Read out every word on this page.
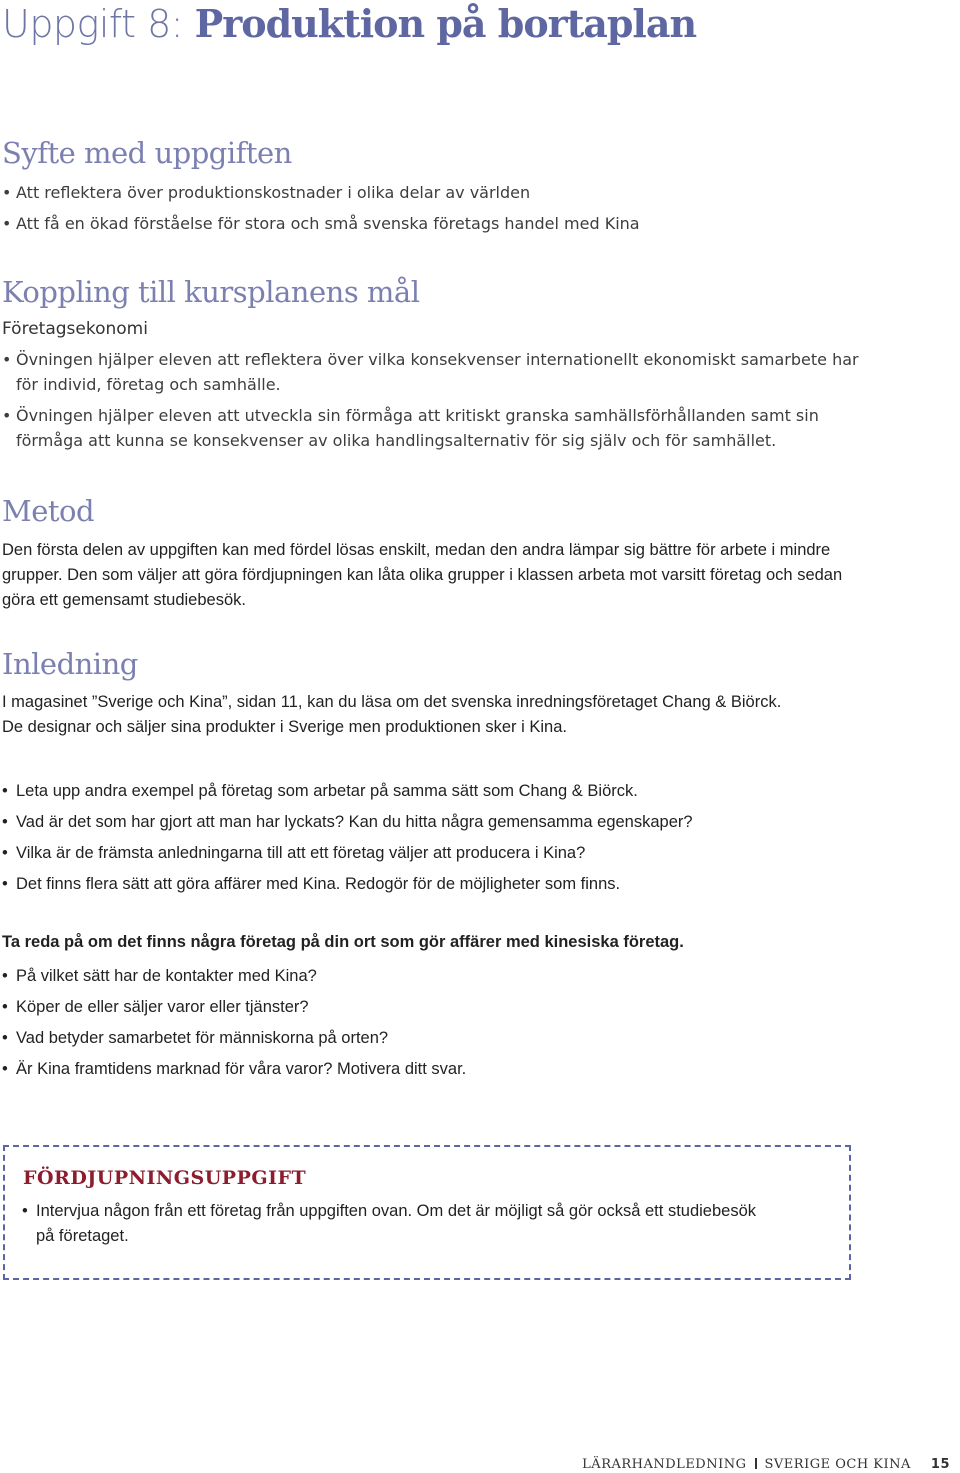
Uppgift 8: Produktion på bortaplan
Syfte med uppgiften
• Att reflektera över produktionskostnader i olika delar av världen
• Att få en ökad förståelse för stora och små svenska företags handel med Kina
Koppling till kursplanens mål
Företagsekonomi
• Övningen hjälper eleven att reflektera över vilka konsekvenser internationellt ekonomiskt samarbete har för individ, företag och samhälle.
• Övningen hjälper eleven att utveckla sin förmåga att kritiskt granska samhällsförhållanden samt sin förmåga att kunna se konsekvenser av olika handlingsalternativ för sig själv och för samhället.
Metod

Den första delen av uppgiften kan med fördel lösas enskilt, medan den andra lämpar sig bättre för arbete i mindre grupper. Den som väljer att göra fördjupningen kan låta olika grupper i klassen arbeta mot varsitt företag och sedan göra ett gemensamt studiebesök.

Inledning

I magasinet ”Sverige och Kina”, sidan 11, kan du läsa om det svenska inredningsföretaget Chang & Biörck. De designar och säljer sina produkter i Sverige men produktionen sker i Kina.

• Leta upp andra exempel på företag som arbetar på samma sätt som Chang & Biörck.
• Vad är det som har gjort att man har lyckats? Kan du hitta några gemensamma egenskaper?
• Vilka är de främsta anledningarna till att ett företag väljer att producera i Kina?
• Det finns flera sätt att göra affärer med Kina. Redogör för de möjligheter som finns.

Ta reda på om det finns några företag på din ort som gör affärer med kinesiska företag.

• På vilket sätt har de kontakter med Kina?
• Köper de eller säljer varor eller tjänster?
• Vad betyder samarbetet för människorna på orten?
• Är Kina framtidens marknad för våra varor? Motivera ditt svar.
FÖRDJUPNINGSUPPGIFT
• Intervjua någon från ett företag från uppgiften ovan. Om det är möjligt så gör också ett studiebesök på företaget.
LÄRARHANDLEDNING SVERIGE OCH KINA 15
